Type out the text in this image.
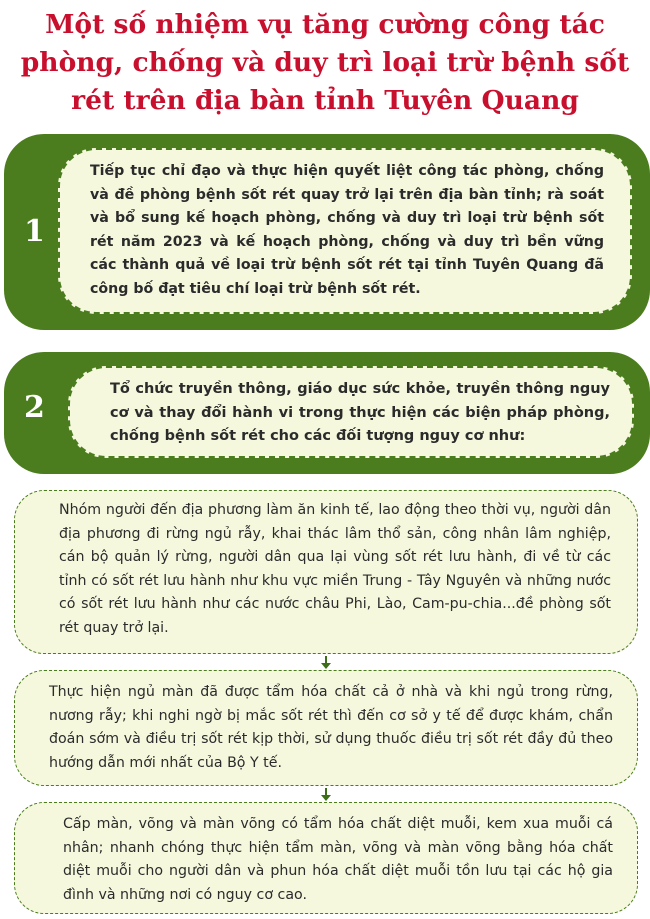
Một số nhiệm vụ tăng cường công tác phòng, chống và duy trì loại trừ bệnh sốt rét trên địa bàn tỉnh Tuyên Quang
1
Tiếp tục chỉ đạo và thực hiện quyết liệt công tác phòng, chống và đề phòng bệnh sốt rét quay trở lại trên địa bàn tỉnh; rà soát và bổ sung kế hoạch phòng, chống và duy trì loại trừ bệnh sốt rét năm 2023 và kế hoạch phòng, chống và duy trì bền vững các thành quả về loại trừ bệnh sốt rét tại tỉnh Tuyên Quang đã công bố đạt tiêu chí loại trừ bệnh sốt rét.
2
Tổ chức truyền thông, giáo dục sức khỏe, truyền thông nguy cơ và thay đổi hành vi trong thực hiện các biện pháp phòng, chống bệnh sốt rét cho các đối tượng nguy cơ như:
Nhóm người đến địa phương làm ăn kinh tế, lao động theo thời vụ, người dân địa phương đi rừng ngủ rẫy, khai thác lâm thổ sản, công nhân lâm nghiệp, cán bộ quản lý rừng, người dân qua lại vùng sốt rét lưu hành, đi về từ các tỉnh có sốt rét lưu hành như khu vực miền Trung - Tây Nguyên và những nước có sốt rét lưu hành như các nước châu Phi, Lào, Cam-pu-chia...đề phòng sốt rét quay trở lại.
Thực hiện ngủ màn đã được tẩm hóa chất cả ở nhà và khi ngủ trong rừng, nương rẫy; khi nghi ngờ bị mắc sốt rét thì đến cơ sở y tế để được khám, chẩn đoán sớm và điều trị sốt rét kịp thời, sử dụng thuốc điều trị sốt rét đầy đủ theo hướng dẫn mới nhất của Bộ Y tế.
Cấp màn, võng và màn võng có tẩm hóa chất diệt muỗi, kem xua muỗi cá nhân; nhanh chóng thực hiện tẩm màn, võng và màn võng bằng hóa chất diệt muỗi cho người dân và phun hóa chất diệt muỗi tồn lưu tại các hộ gia đình và những nơi có nguy cơ cao.
